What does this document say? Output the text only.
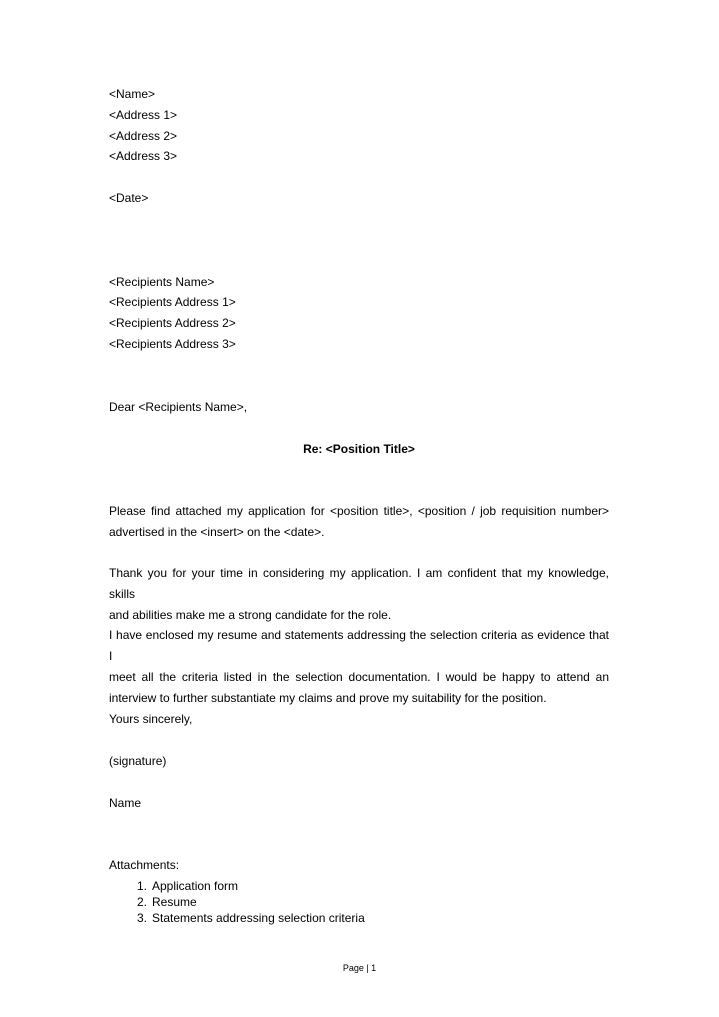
<Name>
<Address 1>
<Address 2>
<Address 3>
<Date>
<Recipients Name>
<Recipients Address 1>
<Recipients Address 2>
<Recipients Address 3>
Dear <Recipients Name>,
Re: <Position Title>
Please find attached my application for <position title>, <position / job requisition number>
advertised in the <insert> on the <date>.
Thank you for your time in considering my application. I am confident that my knowledge, skills
and abilities make me a strong candidate for the role.
I have enclosed my resume and statements addressing the selection criteria as evidence that I
meet all the criteria listed in the selection documentation. I would be happy to attend an
interview to further substantiate my claims and prove my suitability for the position.
Yours sincerely,
(signature)
Name
Attachments:
1. Application form
2. Resume
3. Statements addressing selection criteria
Page | 1
